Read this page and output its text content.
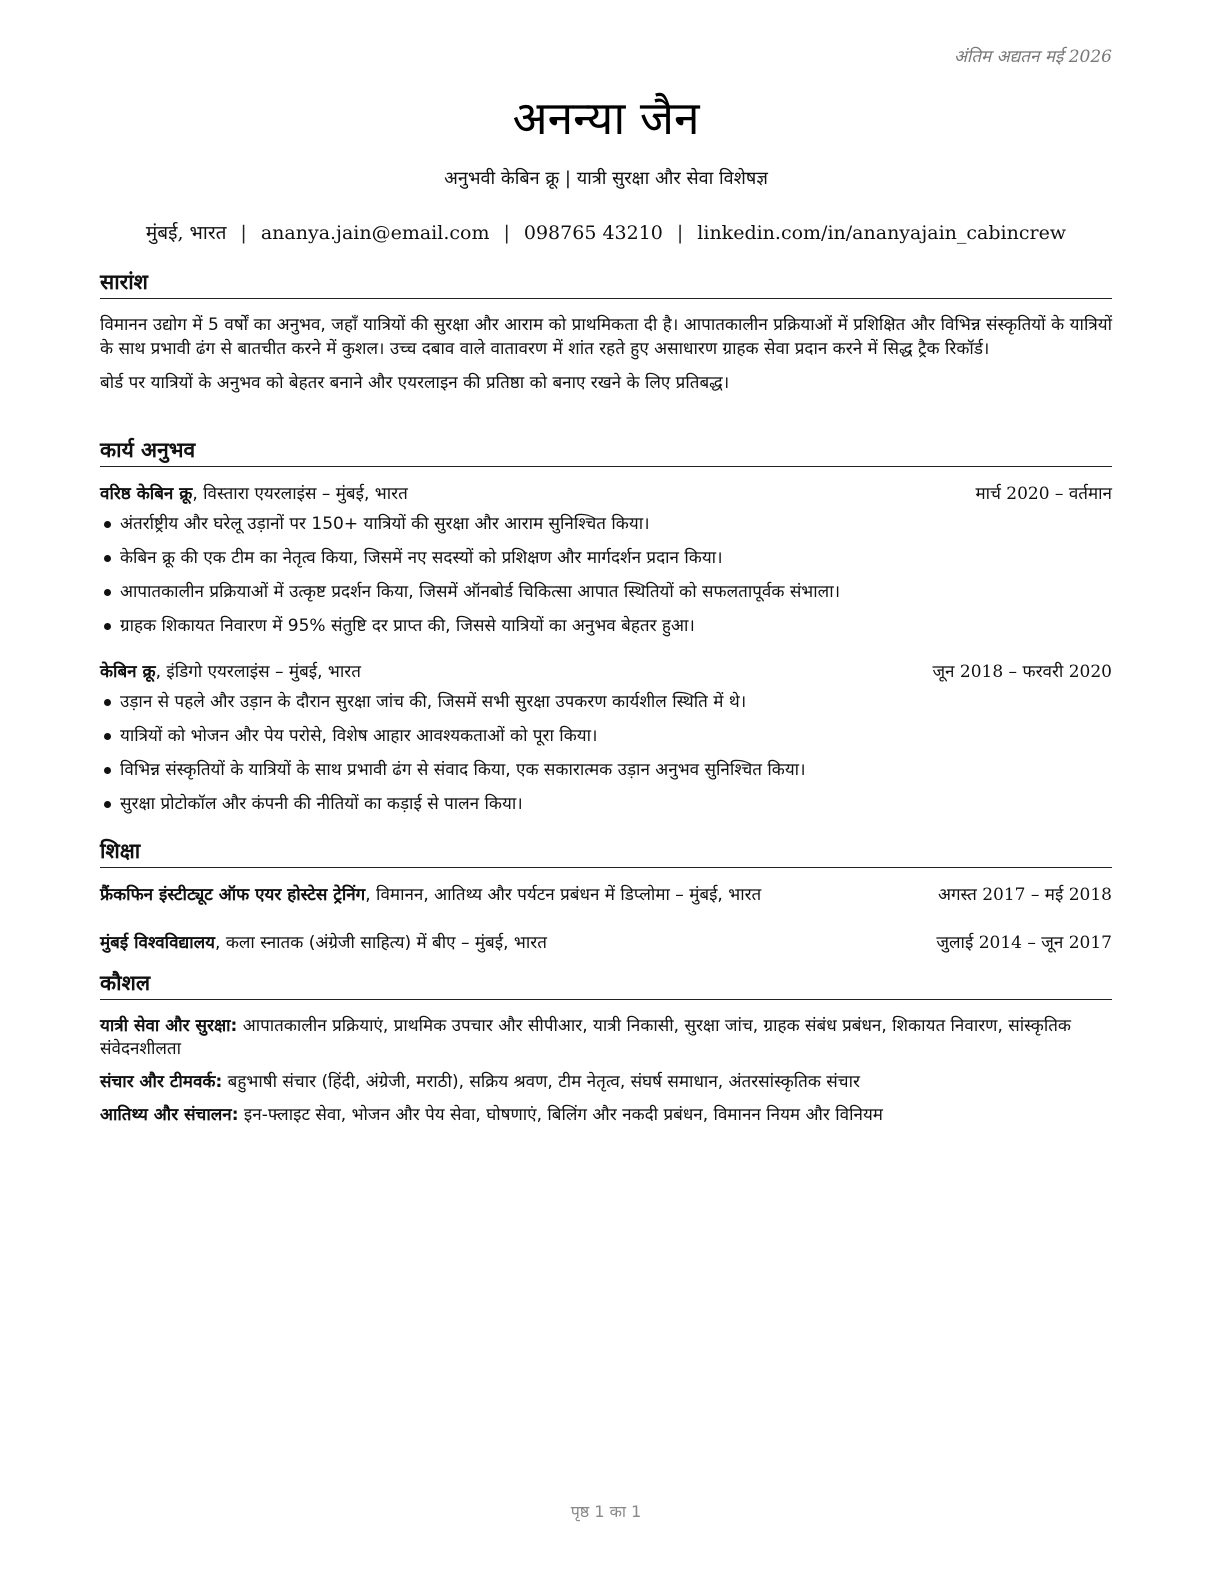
अंतिम अद्यतन मई 2026
अनन्या जैन
अनुभवी केबिन क्रू | यात्री सुरक्षा और सेवा विशेषज्ञ
मुंबई, भारत | ananya.jain@email.com | 098765 43210 | linkedin.com/in/ananyajain_cabincrew
सारांश

विमानन उद्योग में 5 वर्षों का अनुभव, जहाँ यात्रियों की सुरक्षा और आराम को प्राथमिकता दी है। आपातकालीन प्रक्रियाओं में प्रशिक्षित और विभिन्न संस्कृतियों के यात्रियों के साथ प्रभावी ढंग से बातचीत करने में कुशल। उच्च दबाव वाले वातावरण में शांत रहते हुए असाधारण ग्राहक सेवा प्रदान करने में सिद्ध ट्रैक रिकॉर्ड।

बोर्ड पर यात्रियों के अनुभव को बेहतर बनाने और एयरलाइन की प्रतिष्ठा को बनाए रखने के लिए प्रतिबद्ध।

कार्य अनुभव
वरिष्ठ केबिन क्रू, विस्तारा एयरलाइंस – मुंबई, भारत	मार्च 2020 – वर्तमान
अंतर्राष्ट्रीय और घरेलू उड़ानों पर 150+ यात्रियों की सुरक्षा और आराम सुनिश्चित किया।
केबिन क्रू की एक टीम का नेतृत्व किया, जिसमें नए सदस्यों को प्रशिक्षण और मार्गदर्शन प्रदान किया।
आपातकालीन प्रक्रियाओं में उत्कृष्ट प्रदर्शन किया, जिसमें ऑनबोर्ड चिकित्सा आपात स्थितियों को सफलतापूर्वक संभाला।
ग्राहक शिकायत निवारण में 95% संतुष्टि दर प्राप्त की, जिससे यात्रियों का अनुभव बेहतर हुआ।
केबिन क्रू, इंडिगो एयरलाइंस – मुंबई, भारत	जून 2018 – फरवरी 2020
उड़ान से पहले और उड़ान के दौरान सुरक्षा जांच की, जिसमें सभी सुरक्षा उपकरण कार्यशील स्थिति में थे।
यात्रियों को भोजन और पेय परोसे, विशेष आहार आवश्यकताओं को पूरा किया।
विभिन्न संस्कृतियों के यात्रियों के साथ प्रभावी ढंग से संवाद किया, एक सकारात्मक उड़ान अनुभव सुनिश्चित किया।
सुरक्षा प्रोटोकॉल और कंपनी की नीतियों का कड़ाई से पालन किया।
शिक्षा
फ्रैंकफिन इंस्टीट्यूट ऑफ एयर होस्टेस ट्रेनिंग, विमानन, आतिथ्य और पर्यटन प्रबंधन में डिप्लोमा – मुंबई, भारत	अगस्त 2017 – मई 2018
मुंबई विश्वविद्यालय, कला स्नातक (अंग्रेजी साहित्य) में बीए – मुंबई, भारत	जुलाई 2014 – जून 2017
कौशल

यात्री सेवा और सुरक्षा: आपातकालीन प्रक्रियाएं, प्राथमिक उपचार और सीपीआर, यात्री निकासी, सुरक्षा जांच, ग्राहक संबंध प्रबंधन, शिकायत निवारण, सांस्कृतिक संवेदनशीलता

संचार और टीमवर्क: बहुभाषी संचार (हिंदी, अंग्रेजी, मराठी), सक्रिय श्रवण, टीम नेतृत्व, संघर्ष समाधान, अंतरसांस्कृतिक संचार

आतिथ्य और संचालन: इन-फ्लाइट सेवा, भोजन और पेय सेवा, घोषणाएं, बिलिंग और नकदी प्रबंधन, विमानन नियम और विनियम

पृष्ठ 1 का 1
